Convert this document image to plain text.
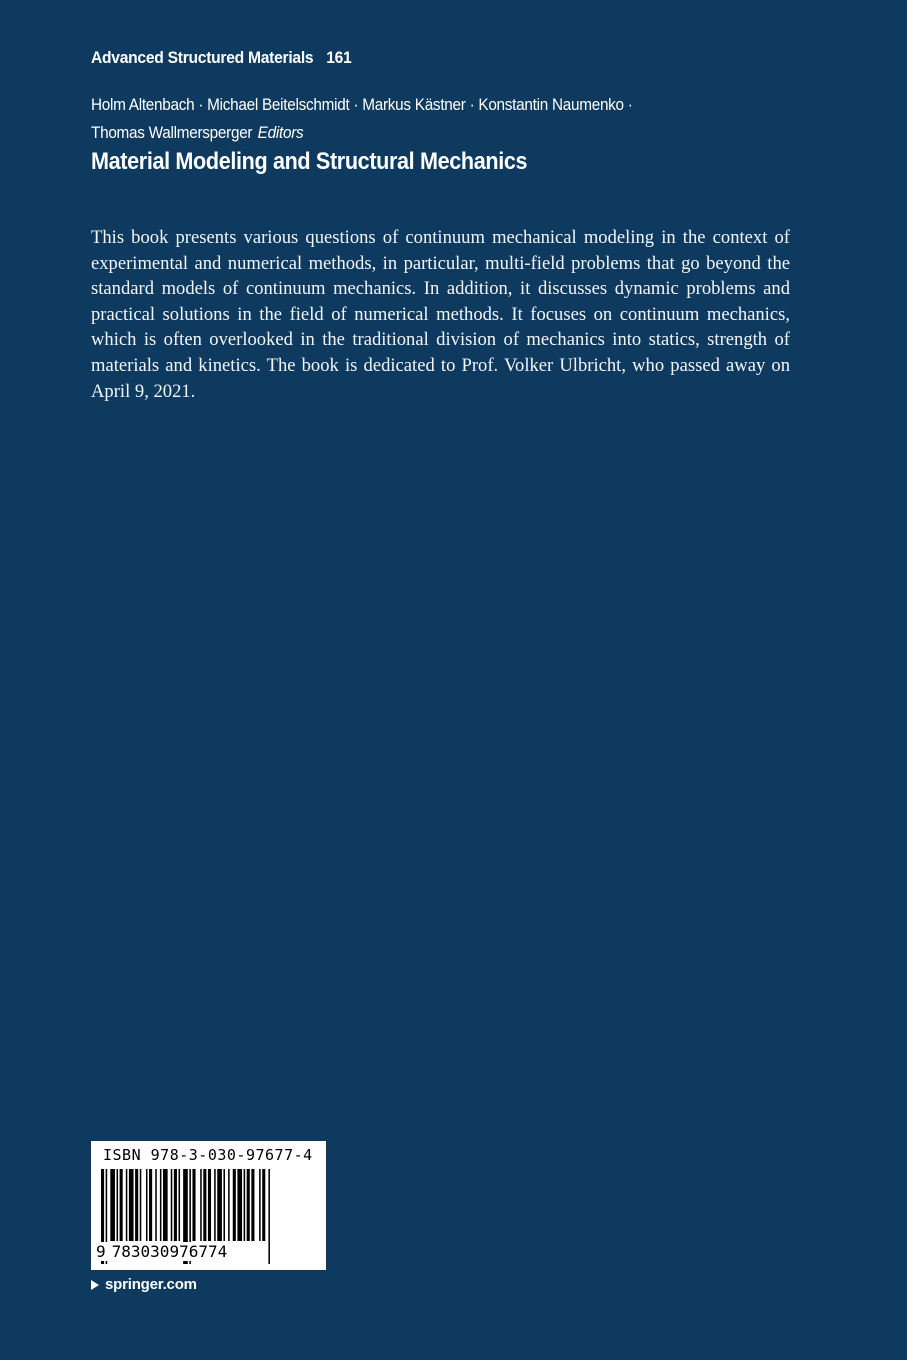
Advanced Structured Materials 161
Holm Altenbach · Michael Beitelschmidt · Markus Kästner · Konstantin Naumenko · Thomas Wallmersperger Editors
Material Modeling and Structural Mechanics

This book presents various questions of continuum mechanical modeling in the context of experimental and numerical methods, in particular, multi-field problems that go beyond the standard models of continuum mechanics. In addition, it discusses dynamic problems and practical solutions in the field of numerical methods. It focuses on continuum mechanics, which is often overlooked in the traditional division of mechanics into statics, strength of materials and kinetics. The book is dedicated to Prof. Volker Ulbricht, who passed away on April 9, 2021.

ISBN 978-3-030-97677-4
9 783030976774
springer.com
